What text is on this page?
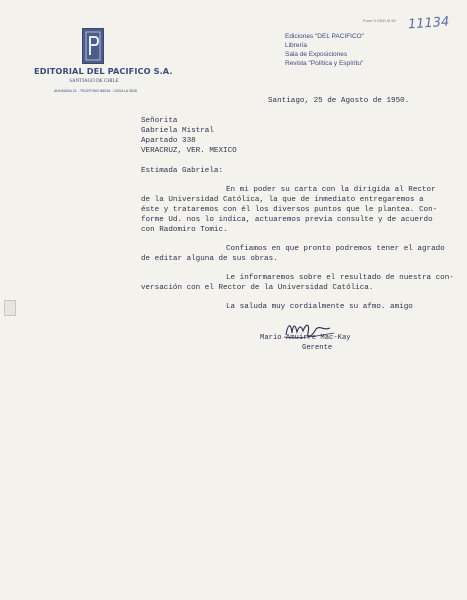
EDITORIAL DEL PACIFICO S.A.
SANTIAGO DE CHILE
AHUMADA 21 - TELEFONO 88016 - CASILLA 3536
Form 5 1000 III 50 11134
Ediciones "DEL PACIFICO"
Librería
Sala de Exposiciones
Revista "Política y Espíritu"

Santiago, 25 de Agosto de 1950.

Señorita

Gabriela Mistral

Apartado 338

VERACRUZ, VER. MEXICO

Estimada Gabriela:

En mi poder su carta con la dirigida al Rector

de la Universidad Católica, la que de inmediato entregaremos a

éste y trataremos con él los diversos puntos que le plantea. Con-

forme Ud. nos lo indica, actuaremos previa consulte y de acuerdo

con Radomiro Tomic.

Confiamos en que pronto podremos tener el agrado

de editar alguna de sus obras.

Le informaremos sobre el resultado de nuestra con-

versación con el Rector de la Universidad Católica.

La saluda muy cordialmente su afmo. amigo

Mario Amuirre Mac-Kay

Gerente
